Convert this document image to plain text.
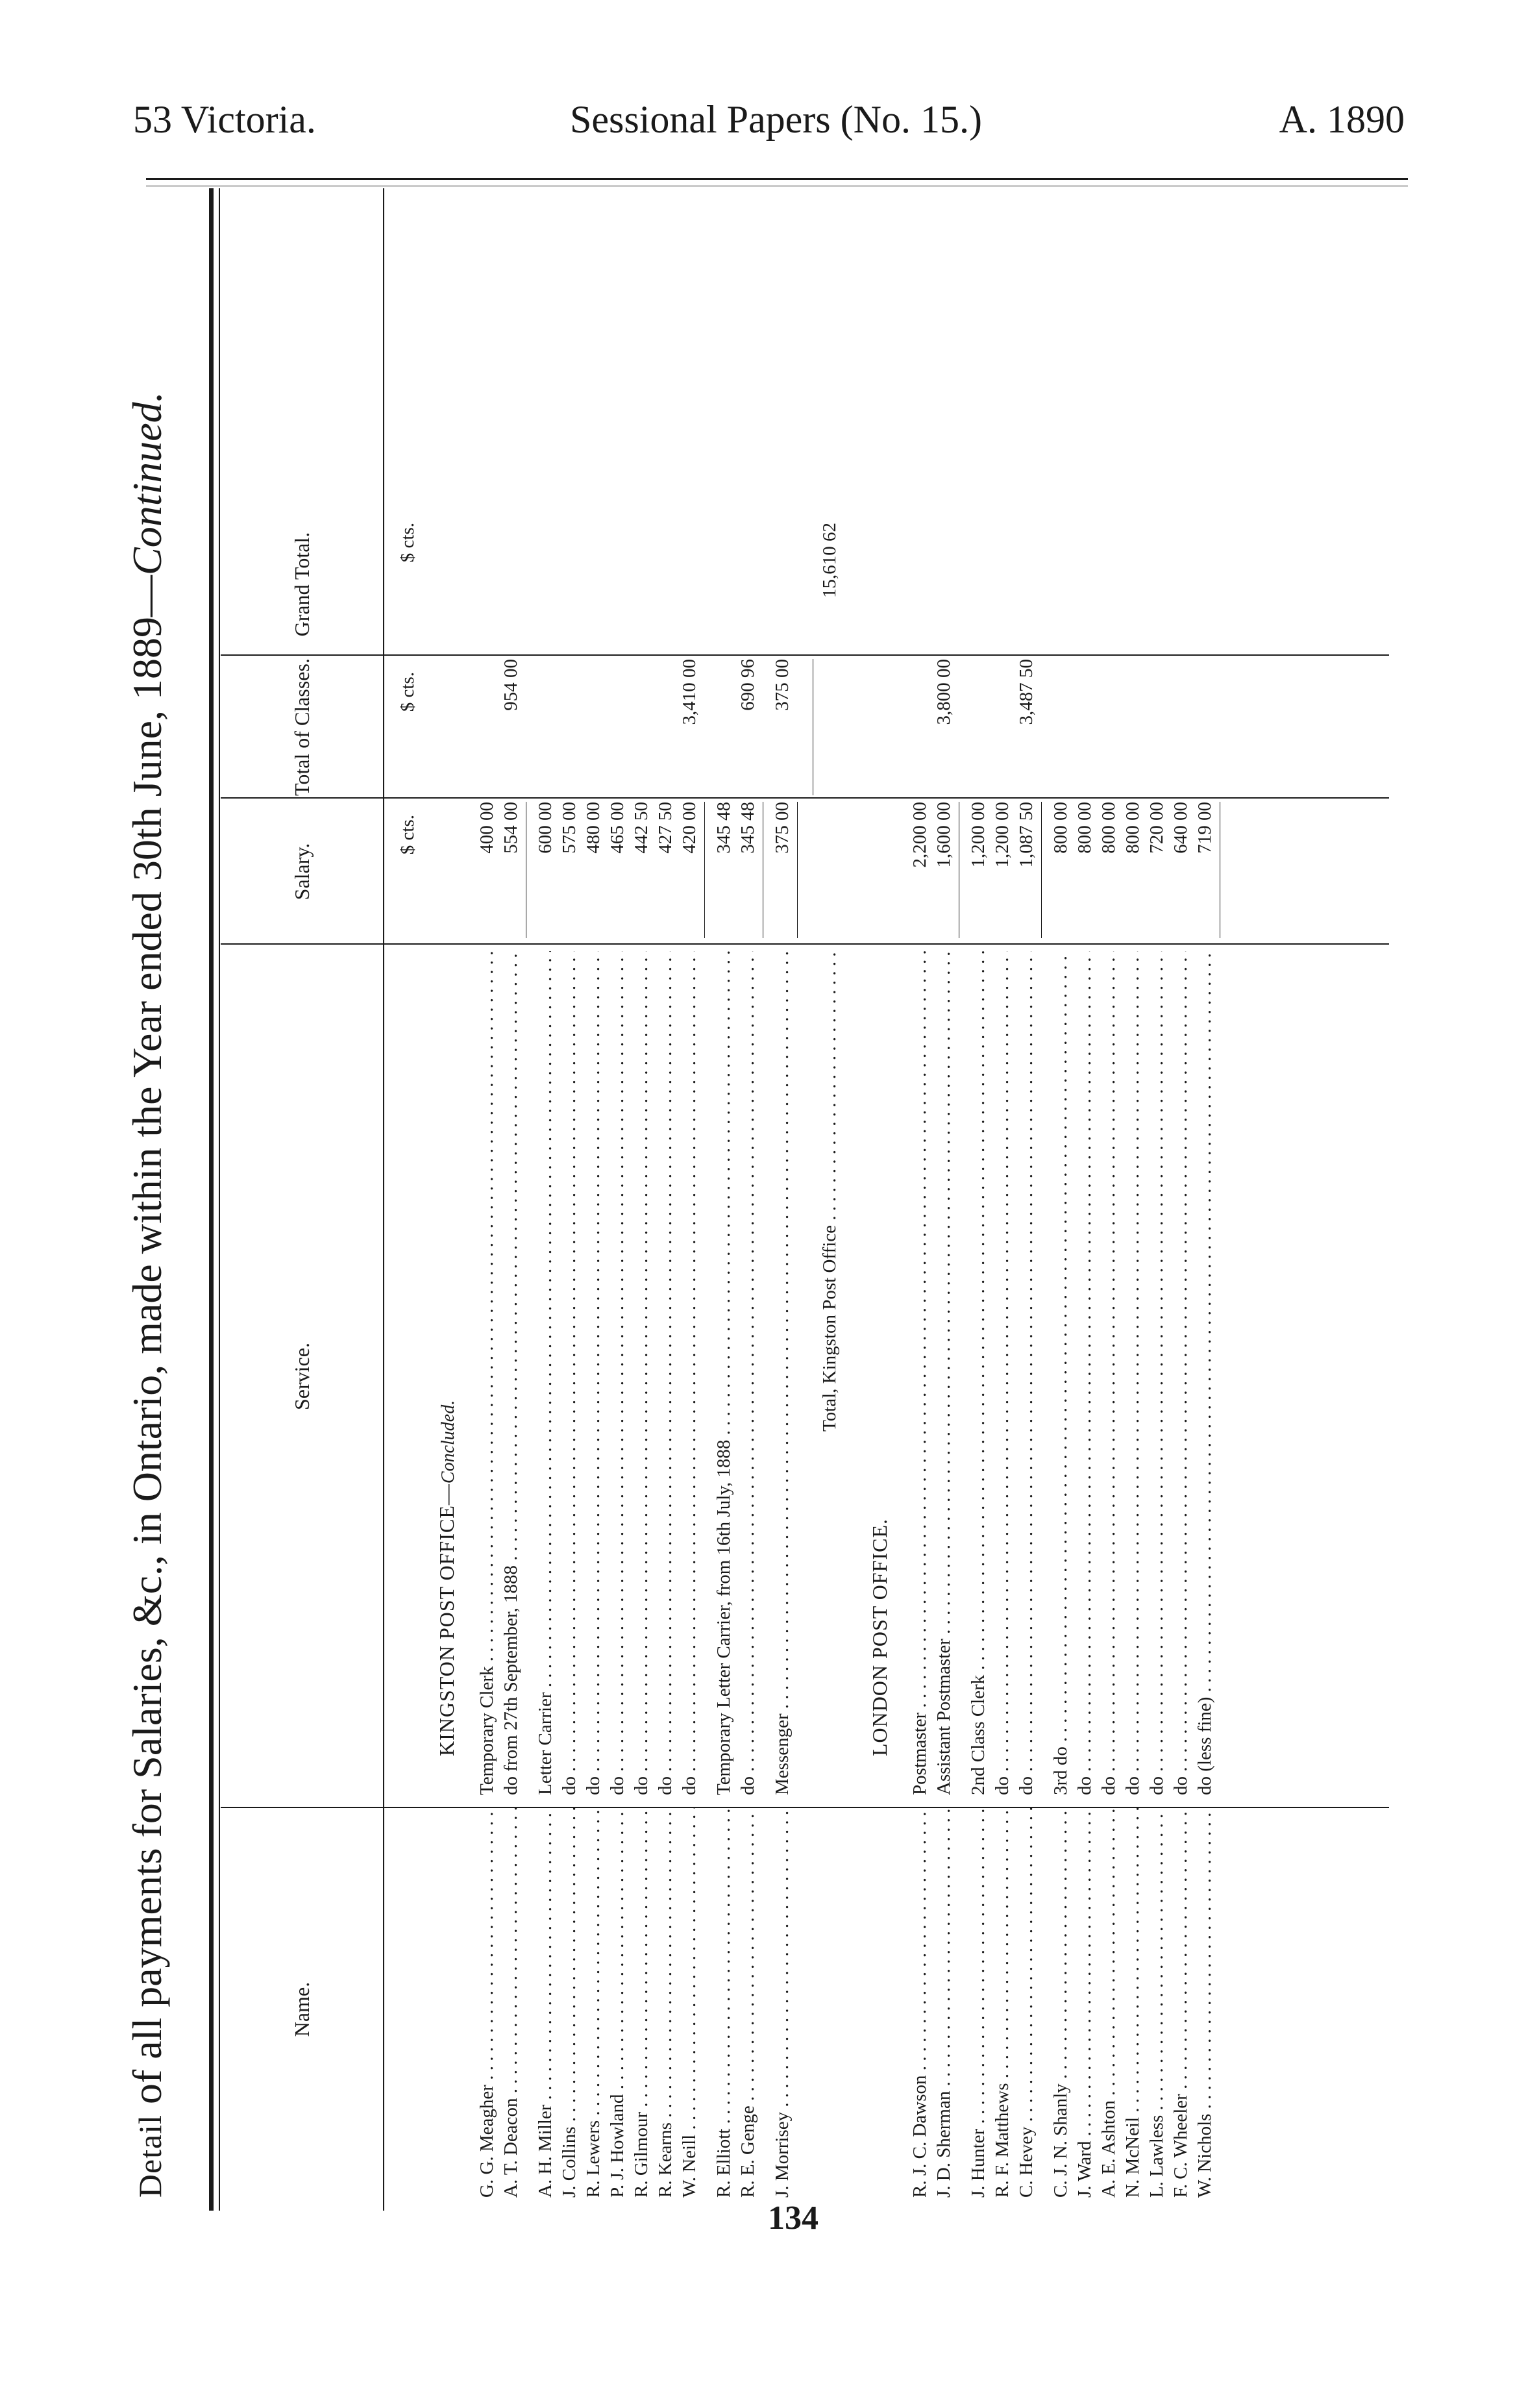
53 Victoria.	Sessional Papers (No. 15.)	A. 1890
Detail of all payments for Salaries, &c., in Ontario, made within the Year ended 30th June, 1889—Continued.
Name.
Service.
Salary.
Total of Classes.
Grand Total.
$ cts.
$ cts.
$ cts.
KINGSTON POST OFFICE—Concluded.
G. G. Meagher . . .
Temporary Clerk . . .
400 00
A. T. Deacon . . .
do from 27th September, 1888 . . .
554 00
954 00
A. H. Miller . . .
Letter Carrier . . .
600 00
J. Collins . . .
do . . .
575 00
R. Lewers . . .
do . . .
480 00
P. J. Howland . . .
do . . .
465 00
R. Gilmour . . .
do . . .
442 50
R. Kearns . . .
do . . .
427 50
W. Neill . . .
do . . .
420 00
3,410 00
R. Elliott . . .
Temporary Letter Carrier, from 16th July, 1888 . . .
345 48
R. E. Genge . . .
do . . .
345 48
690 96
J. Morrisey . . .
Messenger . . .
375 00
375 00
Total, Kingston Post Office . . .
15,610 62
LONDON POST OFFICE.
R. J. C. Dawson . . .
Postmaster . . .
2,200 00
J. D. Sherman . . .
Assistant Postmaster . . .
1,600 00
3,800 00
J. Hunter . . .
2nd Class Clerk . . .
1,200 00
R. F. Matthews . . .
do . . .
1,200 00
C. Hevey . . .
do . . .
1,087 50
3,487 50
C. J. N. Shanly . . .
3rd do . . .
800 00
J. Ward . . .
do . . .
800 00
A. E. Ashton . . .
do . . .
800 00
N. McNeil . . .
do . . .
800 00
L. Lawless . . .
do . . .
720 00
F. C. Wheeler . . .
do . . .
640 00
W. Nichols . . .
do (less fine) . . .
719 00
134
